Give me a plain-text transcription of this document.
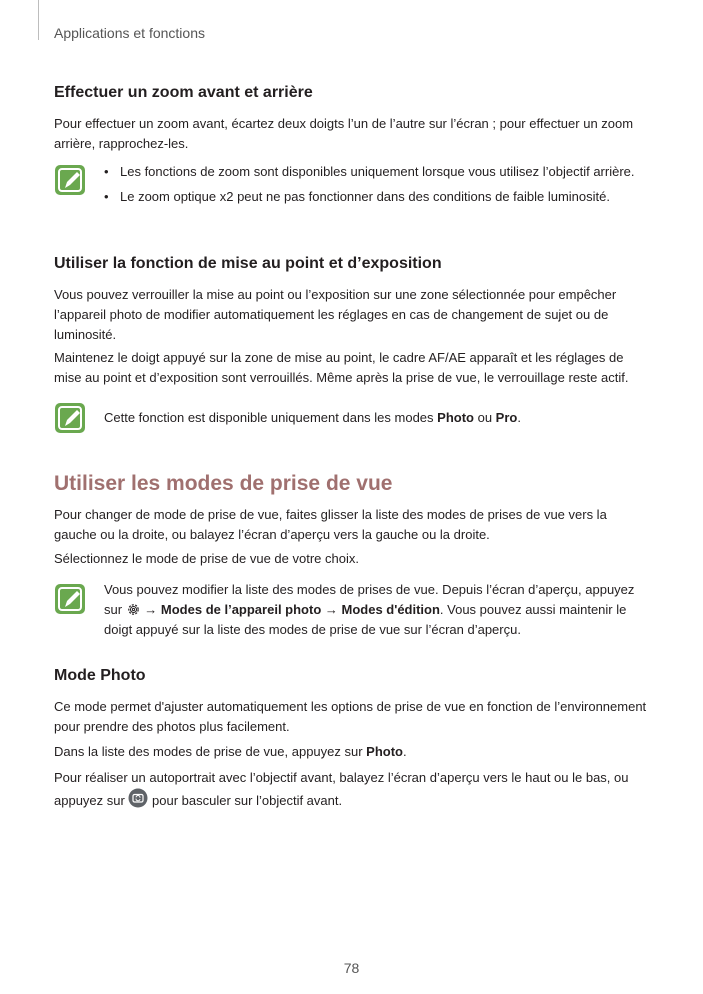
Applications et fonctions
Effectuer un zoom avant et arrière

Pour effectuer un zoom avant, écartez deux doigts l’un de l’autre sur l’écran ; pour effectuer un zoom arrière, rapprochez-les.

• Les fonctions de zoom sont disponibles uniquement lorsque vous utilisez l’objectif arrière.
• Le zoom optique x2 peut ne pas fonctionner dans des conditions de faible luminosité.
Utiliser la fonction de mise au point et d’exposition

Vous pouvez verrouiller la mise au point ou l’exposition sur une zone sélectionnée pour empêcher l’appareil photo de modifier automatiquement les réglages en cas de changement de sujet ou de luminosité.

Maintenez le doigt appuyé sur la zone de mise au point, le cadre AF/AE apparaît et les réglages de mise au point et d’exposition sont verrouillés. Même après la prise de vue, le verrouillage reste actif.

Cette fonction est disponible uniquement dans les modes Photo ou Pro.

Utiliser les modes de prise de vue

Pour changer de mode de prise de vue, faites glisser la liste des modes de prises de vue vers la gauche ou la droite, ou balayez l’écran d’aperçu vers la gauche ou la droite.

Sélectionnez le mode de prise de vue de votre choix.

Vous pouvez modifier la liste des modes de prises de vue. Depuis l’écran d’aperçu, appuyez sur  → Modes de l’appareil photo → Modes d'édition. Vous pouvez aussi maintenir le doigt appuyé sur la liste des modes de prise de vue sur l’écran d’aperçu.

Mode Photo

Ce mode permet d'ajuster automatiquement les options de prise de vue en fonction de l’environnement pour prendre des photos plus facilement.

Dans la liste des modes de prise de vue, appuyez sur Photo.

Pour réaliser un autoportrait avec l’objectif avant, balayez l’écran d’aperçu vers le haut ou le bas, ou appuyez sur  pour basculer sur l’objectif avant.

78
